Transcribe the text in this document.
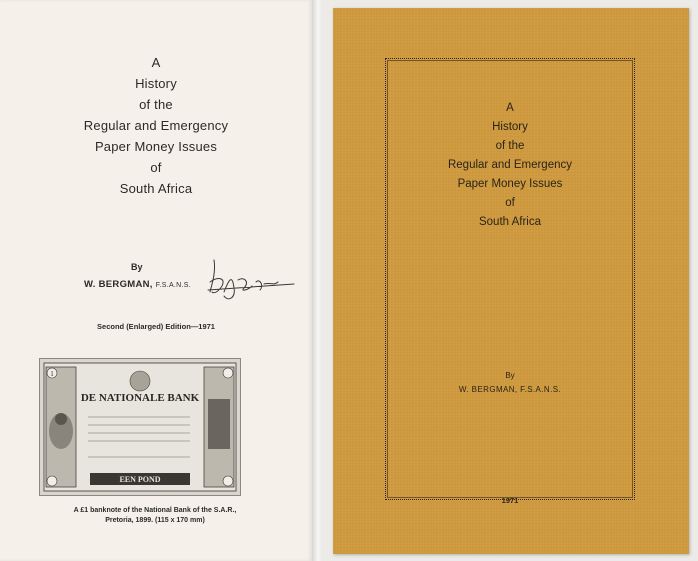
A
History
of the
Regular and Emergency
Paper Money Issues
of
South Africa
By
W. BERGMAN, F.S.A.N.S.
Second (Enlarged) Edition—1971
DE NATIONALE BANK
EEN POND
1
A £1 banknote of the National Bank of the S.A.R.,
Pretoria, 1899. (115 x 170 mm)
A
History
of the
Regular and Emergency
Paper Money Issues
of
South Africa
By
W. BERGMAN, F.S.A.N.S.
1971
